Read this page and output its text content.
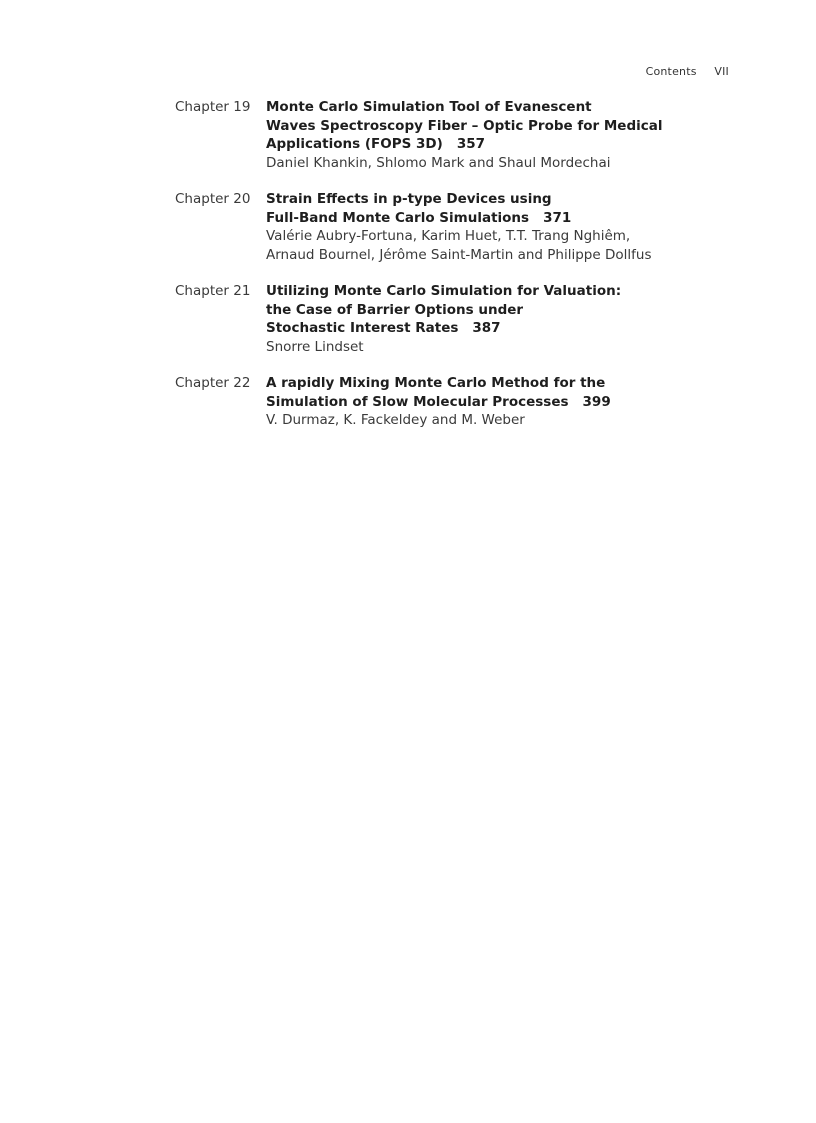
Contents VII
Chapter 19	Monte Carlo Simulation Tool of Evanescent
Waves Spectroscopy Fiber – Optic Probe for Medical
Applications (FOPS 3D) 357
Daniel Khankin, Shlomo Mark and Shaul Mordechai
Chapter 20	Strain Effects in p-type Devices using
Full-Band Monte Carlo Simulations 371
Valérie Aubry-Fortuna, Karim Huet, T.T. Trang Nghiêm,
Arnaud Bournel, Jérôme Saint-Martin and Philippe Dollfus
Chapter 21	Utilizing Monte Carlo Simulation for Valuation:
the Case of Barrier Options under
Stochastic Interest Rates 387
Snorre Lindset
Chapter 22	A rapidly Mixing Monte Carlo Method for the
Simulation of Slow Molecular Processes 399
V. Durmaz, K. Fackeldey and M. Weber
